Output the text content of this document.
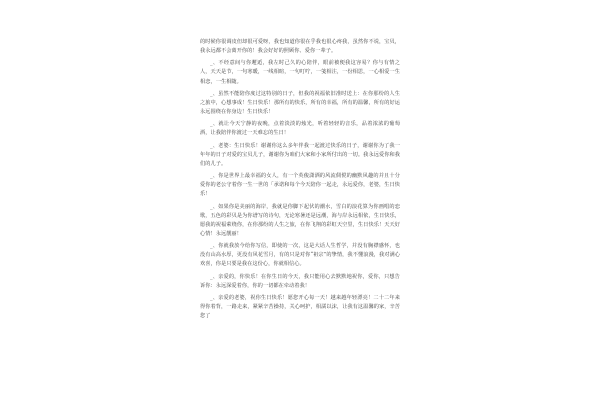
的时候你很调皮但却很可爱呀，我也知道你很在乎我也很心疼我，虽然你不说，宝贝，我永远都不会离开你的！我会好好的照顾你、爱你一辈子。

_、不经意间与你邂逅，我左时己久的心陪伴，眼前被便我这容易？你与有情之人，天天是节，一句寒暖，一线相暄，一句叮咛，一笺相注，一份相思，一心相爱一生相恋，一生相随。

_、虽然不能陪你度过这特别的日子，但我的祝福依旧准时送上：在你那纷的人生之旅中，心想事成！生日快乐！那所有的快乐，所有的幸福，所有的温馨，所有的好运永远围绕在你身边！生日快乐！

_、就让今天宁静的夜晚，点着淡淡的烛光，听着轻轻的音乐，品着浓浓的葡萄酒，让我陪伴你渡过一天难忘的生日！

_、老婆：生日快乐！谢谢你这么多年伴我一起渡过快乐的日子，谢谢你为了我一年年的日子对爱的宝贝儿子，谢谢你为咱们大家和小家所付出的一切。我永远爱你和我们的儿子。

_、你是世界上最幸福的女人，有一个英俊潇洒的风流倜傥的幽默风趣的并且十分爱你的老公守着你一生一世的「承诺和每个今天陪你一起走，永远爱你，老婆，生日快乐！

_、如果你是美丽的海岸，我就是你脚下起伏的潮水，雪白的浪花算为你画唱的恋歌，五色的彩贝是为你谱写的诗句，无论寒暑还是远潮，海与岸永远相依，生日快乐，愿我的祝福萦绕你，在你那纷的人生之旅，在你飞翔的彩虹天空里，生日快乐！天天好心情！永远靓丽！

_、你就我放今给你写信，即使的一次，这是大话人生哲学，并没有胸襟感怀，也没有山高水厚，更没有风花雪月，有的只是对你“祖宗”的挚情，我不懂浪漫，我对满心欢喜，你是只要是我在这份心，你就相信心。

_、亲爱的，你快乐！在你生日的今天，我只能用心去默默地祝你，爱你，只想告诉你：永远深爱着你，你的一切都在牵动着我！

_、亲爱的老婆，祝你生日快乐！愿您开心每一天！越来越年轻漂亮！二十二年来得你着背，一路走来，紧紧辛苦操持，关心呵护，相濡以沫，让我有这温馨的家，辛苦您了
